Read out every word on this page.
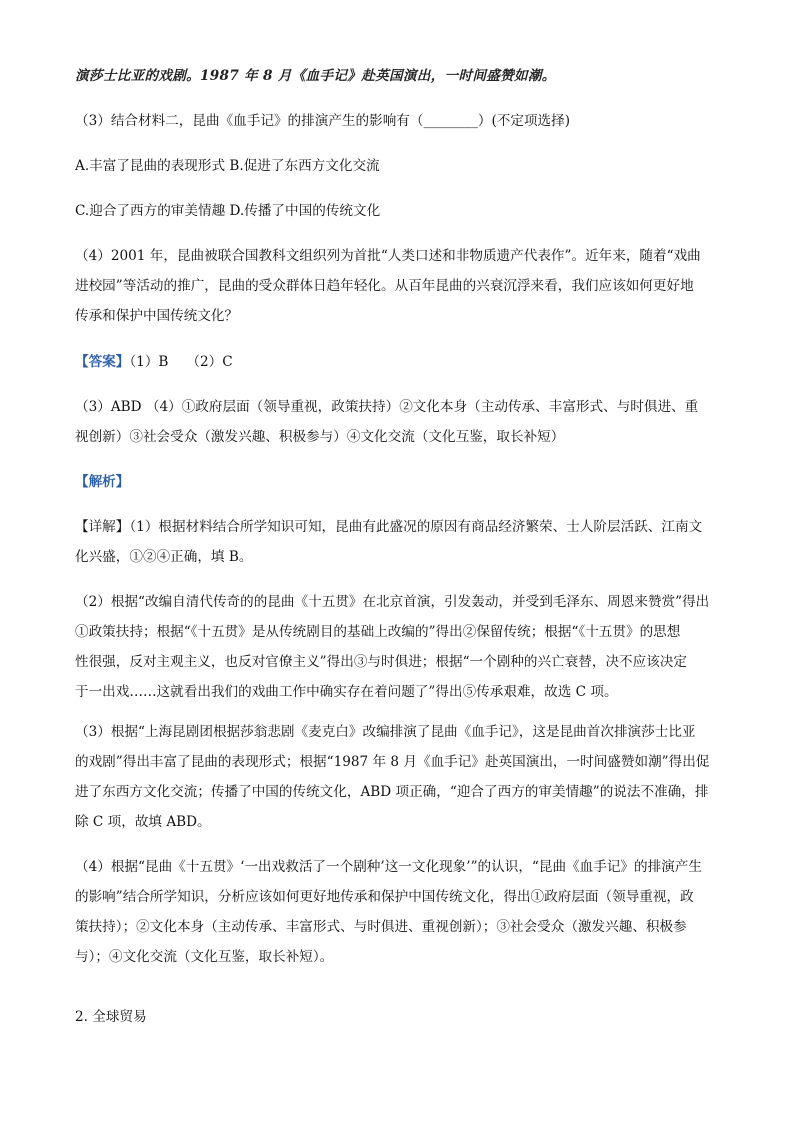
演莎士比亚的戏剧。1987 年 8 月《血手记》赴英国演出，一时间盛赞如潮。

（3）结合材料二，昆曲《血手记》的排演产生的影响有（________）(不定项选择)

A.丰富了昆曲的表现形式 B.促进了东西方文化交流

C.迎合了西方的审美情趣 D.传播了中国的传统文化

（4）2001 年，昆曲被联合国教科文组织列为首批“人类口述和非物质遗产代表作”。近年来，随着“戏曲

进校园”等活动的推广，昆曲的受众群体日趋年轻化。从百年昆曲的兴衰沉浮来看，我们应该如何更好地

传承和保护中国传统文化？

【答案】（1）B （2）C

（3）ABD （4）①政府层面（领导重视，政策扶持）②文化本身（主动传承、丰富形式、与时俱进、重

视创新）③社会受众（激发兴趣、积极参与）④文化交流（文化互鉴，取长补短）

【解析】

【详解】（1）根据材料结合所学知识可知，昆曲有此盛况的原因有商品经济繁荣、士人阶层活跃、江南文

化兴盛，①②④正确，填 B。

（2）根据“改编自清代传奇的的昆曲《十五贯》在北京首演，引发轰动，并受到毛泽东、周恩来赞赏”得出

①政策扶持；根据“《十五贯》是从传统剧目的基础上改编的”得出②保留传统；根据“《十五贯》的思想

性很强，反对主观主义，也反对官僚主义”得出③与时俱进；根据“一个剧种的兴亡衰替，决不应该决定

于一出戏……这就看出我们的戏曲工作中确实存在着问题了”得出⑤传承艰难，故选 C 项。

（3）根据“上海昆剧团根据莎翁悲剧《麦克白》改编排演了昆曲《血手记》，这是昆曲首次排演莎士比亚

的戏剧”得出丰富了昆曲的表现形式；根据“1987 年 8 月《血手记》赴英国演出，一时间盛赞如潮”得出促

进了东西方文化交流；传播了中国的传统文化，ABD 项正确，“迎合了西方的审美情趣”的说法不准确，排

除 C 项，故填 ABD。

（4）根据“昆曲《十五贯》‘一出戏救活了一个剧种’这一文化现象’”的认识，“昆曲《血手记》的排演产生

的影响”结合所学知识，分析应该如何更好地传承和保护中国传统文化，得出①政府层面（领导重视，政

策扶持）；②文化本身（主动传承、丰富形式、与时俱进、重视创新）；③社会受众（激发兴趣、积极参

与）；④文化交流（文化互鉴，取长补短）。

2. 全球贸易
